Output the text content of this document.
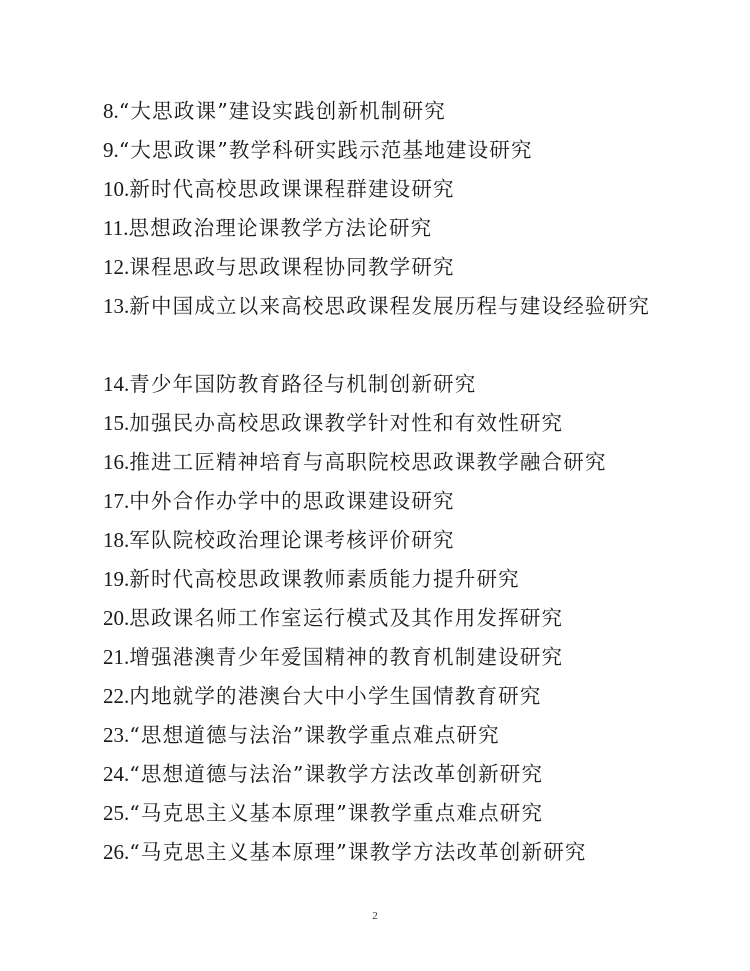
8. “大思政课”建设实践创新机制研究
9. “大思政课”教学科研实践示范基地建设研究
10. 新时代高校思政课课程群建设研究
11. 思想政治理论课教学方法论研究
12. 课程思政与思政课程协同教学研究
13. 新中国成立以来高校思政课程发展历程与建设经验研究
14. 青少年国防教育路径与机制创新研究
15. 加强民办高校思政课教学针对性和有效性研究
16. 推进工匠精神培育与高职院校思政课教学融合研究
17. 中外合作办学中的思政课建设研究
18. 军队院校政治理论课考核评价研究
19. 新时代高校思政课教师素质能力提升研究
20. 思政课名师工作室运行模式及其作用发挥研究
21. 增强港澳青少年爱国精神的教育机制建设研究
22. 内地就学的港澳台大中小学生国情教育研究
23. “思想道德与法治”课教学重点难点研究
24. “思想道德与法治”课教学方法改革创新研究
25. “马克思主义基本原理”课教学重点难点研究
26. “马克思主义基本原理”课教学方法改革创新研究
2
